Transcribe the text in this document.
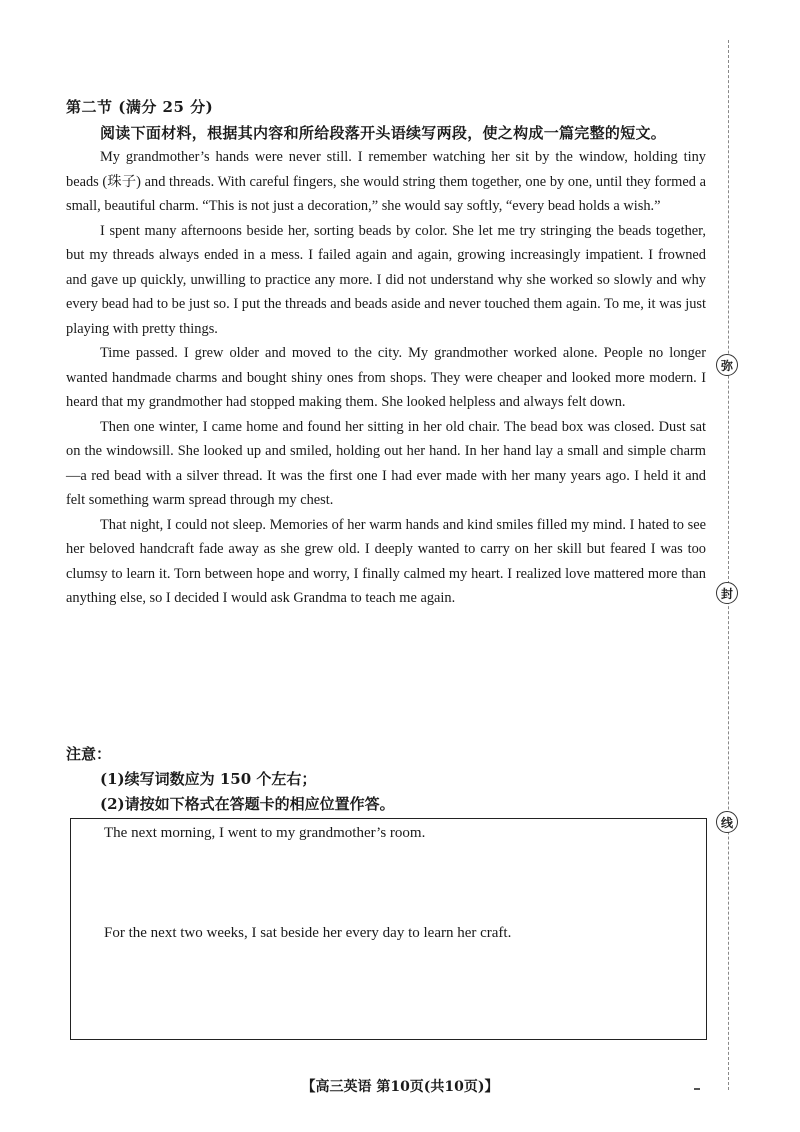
弥
封
线
第二节 (满分 25 分)
阅读下面材料，根据其内容和所给段落开头语续写两段，使之构成一篇完整的短文。

My grandmother’s hands were never still. I remember watching her sit by the window, holding tiny beads (珠子) and threads. With careful fingers, she would string them together, one by one, until they formed a small, beautiful charm. “This is not just a decoration,” she would say softly, “every bead holds a wish.”

I spent many afternoons beside her, sorting beads by color. She let me try stringing the beads together, but my threads always ended in a mess. I failed again and again, growing increasingly impatient. I frowned and gave up quickly, unwilling to practice any more. I did not understand why she worked so slowly and why every bead had to be just so. I put the threads and beads aside and never touched them again. To me, it was just playing with pretty things.

Time passed. I grew older and moved to the city. My grandmother worked alone. People no longer wanted handmade charms and bought shiny ones from shops. They were cheaper and looked more modern. I heard that my grandmother had stopped making them. She looked helpless and always felt down.

Then one winter, I came home and found her sitting in her old chair. The bead box was closed. Dust sat on the windowsill. She looked up and smiled, holding out her hand. In her hand lay a small and simple charm—a red bead with a silver thread. It was the first one I had ever made with her many years ago. I held it and felt something warm spread through my chest.

That night, I could not sleep. Memories of her warm hands and kind smiles filled my mind. I hated to see her beloved handcraft fade away as she grew old. I deeply wanted to carry on her skill but feared I was too clumsy to learn it. Torn between hope and worry, I finally calmed my heart. I realized love mattered more than anything else, so I decided I would ask Grandma to teach me again.

注意：
(1)续写词数应为 150 个左右；
(2)请按如下格式在答题卡的相应位置作答。
The next morning, I went to my grandmother’s room.
For the next two weeks, I sat beside her every day to learn her craft.
【高三英语 第10页(共10页)】
